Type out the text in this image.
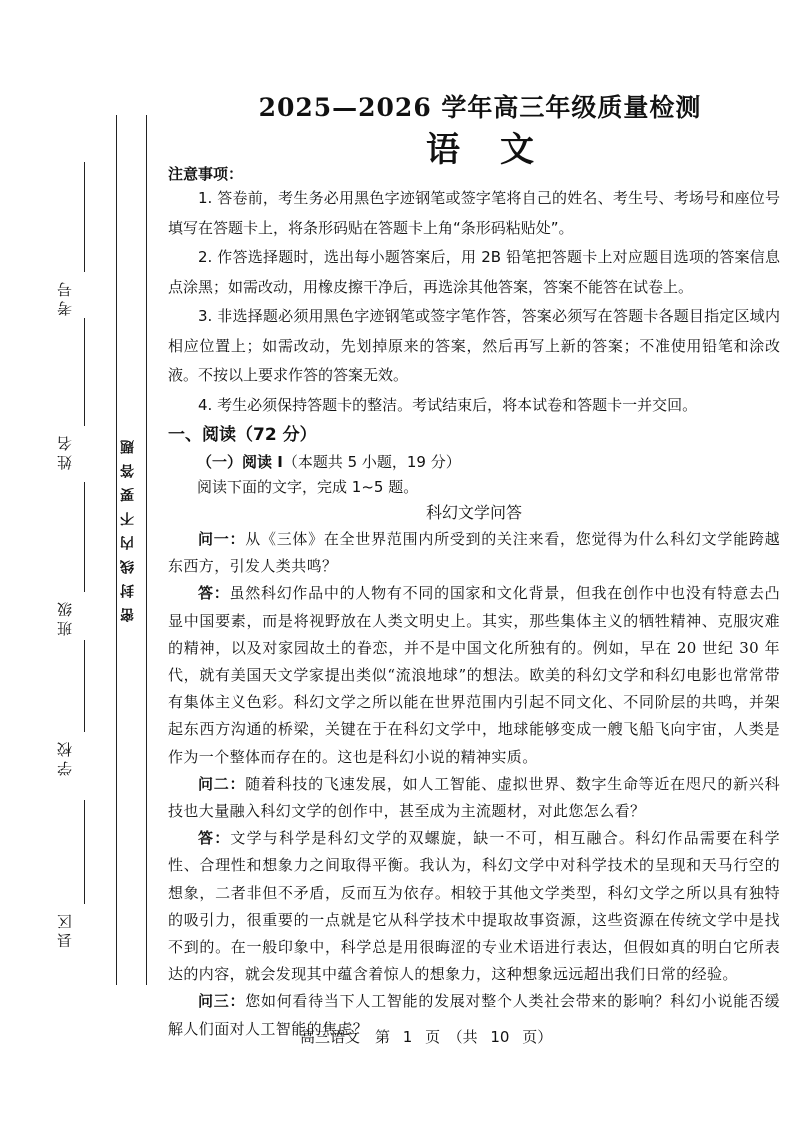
考号
姓名
班级
学校
县区
密封线内不要答题
2025—2026 学年高三年级质量检测
语文
注意事项：

1. 答卷前，考生务必用黑色字迹钢笔或签字笔将自己的姓名、考生号、考场号和座位号填写在答题卡上，将条形码贴在答题卡上角“条形码粘贴处”。

2. 作答选择题时，选出每小题答案后，用 2B 铅笔把答题卡上对应题目选项的答案信息点涂黑；如需改动，用橡皮擦干净后，再选涂其他答案，答案不能答在试卷上。

3. 非选择题必须用黑色字迹钢笔或签字笔作答，答案必须写在答题卡各题目指定区域内相应位置上；如需改动，先划掉原来的答案，然后再写上新的答案；不准使用铅笔和涂改液。不按以上要求作答的答案无效。

4. 考生必须保持答题卡的整洁。考试结束后，将本试卷和答题卡一并交回。

一、阅读（72 分）
（一）阅读 I（本题共 5 小题，19 分）
阅读下面的文字，完成 1~5 题。
科幻文学问答

问一：从《三体》在全世界范围内所受到的关注来看，您觉得为什么科幻文学能跨越东西方，引发人类共鸣？

答：虽然科幻作品中的人物有不同的国家和文化背景，但我在创作中也没有特意去凸显中国要素，而是将视野放在人类文明史上。其实，那些集体主义的牺牲精神、克服灾难的精神，以及对家园故土的眷恋，并不是中国文化所独有的。例如，早在 20 世纪 30 年代，就有美国天文学家提出类似“流浪地球”的想法。欧美的科幻文学和科幻电影也常常带有集体主义色彩。科幻文学之所以能在世界范围内引起不同文化、不同阶层的共鸣，并架起东西方沟通的桥梁，关键在于在科幻文学中，地球能够变成一艘飞船飞向宇宙，人类是作为一个整体而存在的。这也是科幻小说的精神实质。

问二：随着科技的飞速发展，如人工智能、虚拟世界、数字生命等近在咫尺的新兴科技也大量融入科幻文学的创作中，甚至成为主流题材，对此您怎么看？

答：文学与科学是科幻文学的双螺旋，缺一不可，相互融合。科幻作品需要在科学性、合理性和想象力之间取得平衡。我认为，科幻文学中对科学技术的呈现和天马行空的想象，二者非但不矛盾，反而互为依存。相较于其他文学类型，科幻文学之所以具有独特的吸引力，很重要的一点就是它从科学技术中提取故事资源，这些资源在传统文学中是找不到的。在一般印象中，科学总是用很晦涩的专业术语进行表达，但假如真的明白它所表达的内容，就会发现其中蕴含着惊人的想象力，这种想象远远超出我们日常的经验。

问三：您如何看待当下人工智能的发展对整个人类社会带来的影响？科幻小说能否缓解人们面对人工智能的焦虑？

高三语文　第 1 页　（共 10 页）
